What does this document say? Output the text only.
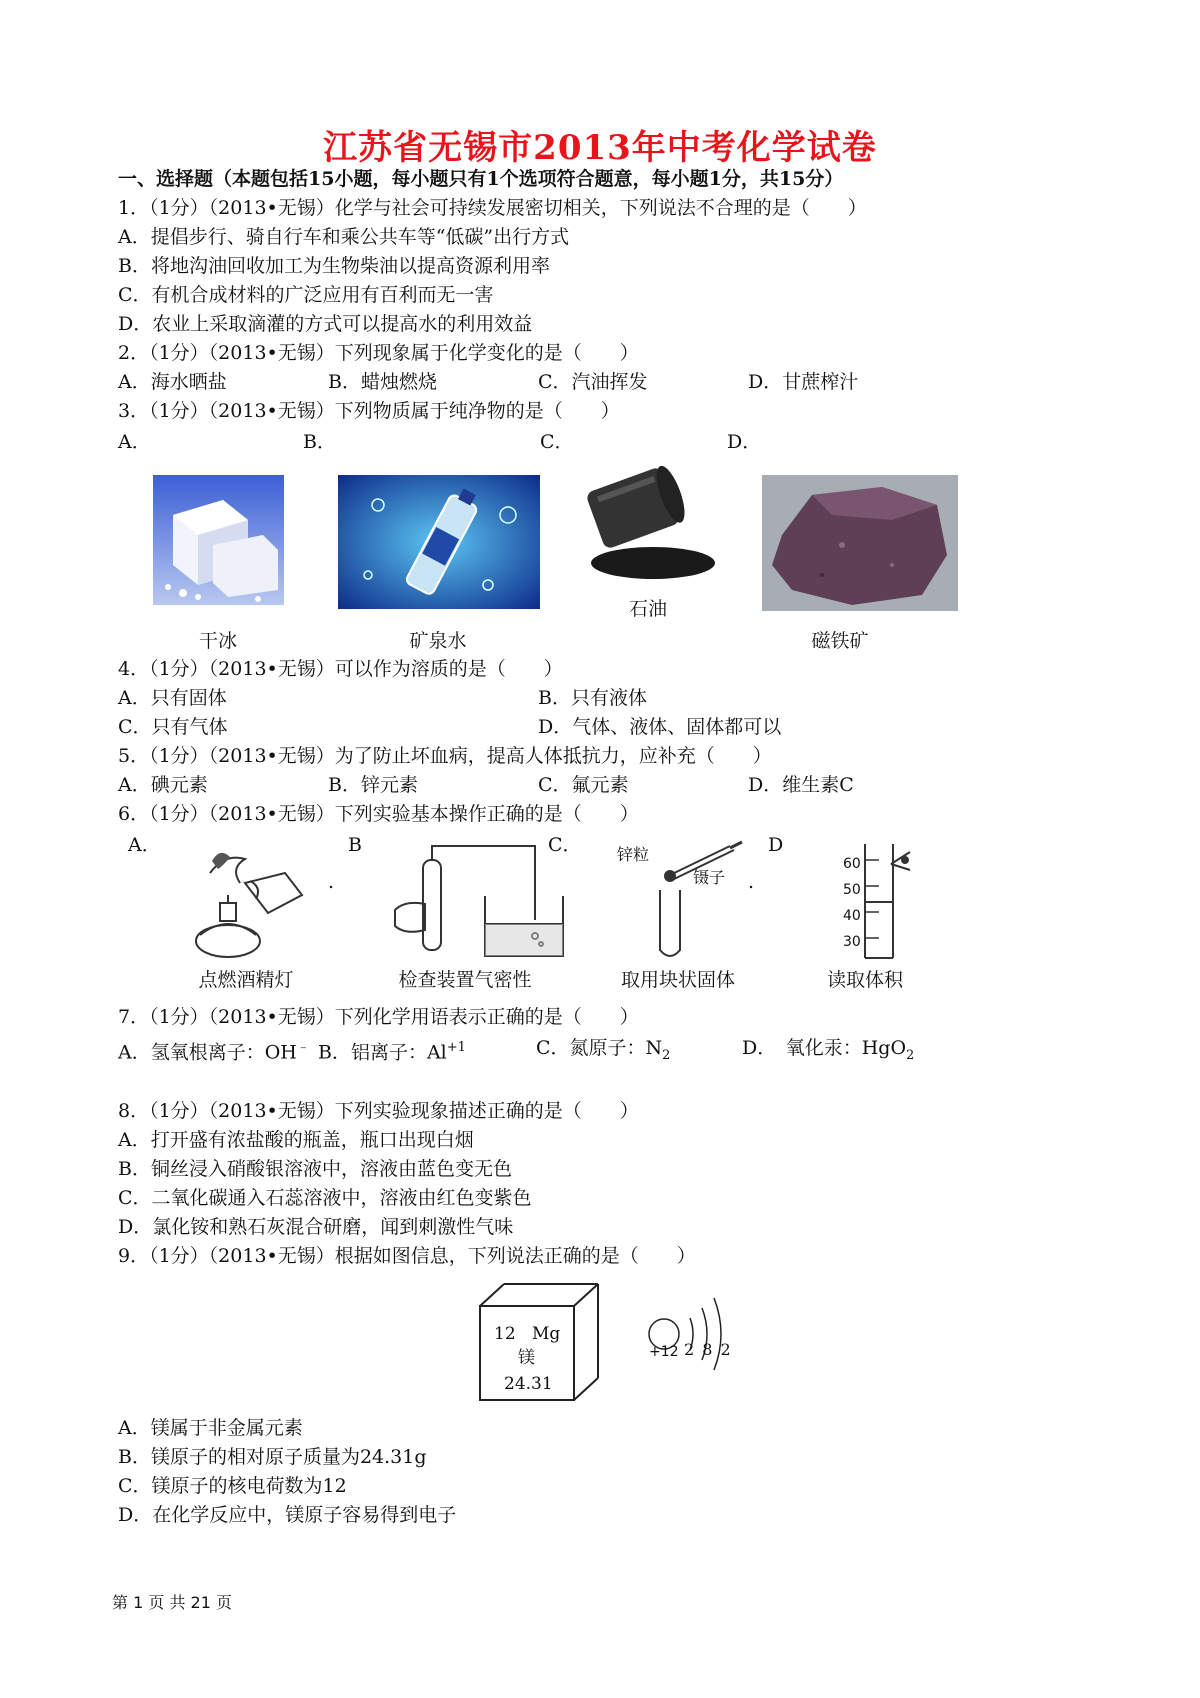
江苏省无锡市2013年中考化学试卷
一、选择题（本题包括15小题，每小题只有1个选项符合题意，每小题1分，共15分）
1．（1分）（2013•无锡）化学与社会可持续发展密切相关，下列说法不合理的是（　　）
A．提倡步行、骑自行车和乘公共车等“低碳”出行方式
B．将地沟油回收加工为生物柴油以提高资源利用率
C．有机合成材料的广泛应用有百利而无一害
D．农业上采取滴灌的方式可以提高水的利用效益
2．（1分）（2013•无锡）下列现象属于化学变化的是（　　）
A．海水晒盐	B．蜡烛燃烧	C．汽油挥发	D．甘蔗榨汁
3．（1分）（2013•无锡）下列物质属于纯净物的是（　　）
A．	B．	C．	D．
干冰	矿泉水
石油
磁铁矿
4．（1分）（2013•无锡）可以作为溶质的是（　　）
A．只有固体	B．只有液体
C．只有气体	D．气体、液体、固体都可以
5．（1分）（2013•无锡）为了防止坏血病，提高人体抵抗力，应补充（　　）
A．碘元素	B．锌元素	C．氟元素	D．维生素C
6．（1分）（2013•无锡）下列实验基本操作正确的是（　　）
A．	B	C．	D
.	.
点燃酒精灯	检查装置气密性
锌粒
镊子
取用块状固体
60
50
40
30
读取体积
7．（1分）（2013•无锡）下列化学用语表示正确的是（　　）
A．氢氧根离子：OH﹣ B．铝离子：$Al^{+1}$	C．氮原子：$N_2$	D．　氧化汞：HgO$_2$
8．（1分）（2013•无锡）下列实验现象描述正确的是（　　）
A．打开盛有浓盐酸的瓶盖，瓶口出现白烟
B．铜丝浸入硝酸银溶液中，溶液由蓝色变无色
C．二氧化碳通入石蕊溶液中，溶液由红色变紫色
D．氯化铵和熟石灰混合研磨，闻到刺激性气味
9．（1分）（2013•无锡）根据如图信息，下列说法正确的是（　　）
12 Mg
镁
24.31
+12 2 8 2
A．镁属于非金属元素
B．镁原子的相对原子质量为24.31g
C．镁原子的核电荷数为12
D．在化学反应中，镁原子容易得到电子
第 1 页 共 21 页
